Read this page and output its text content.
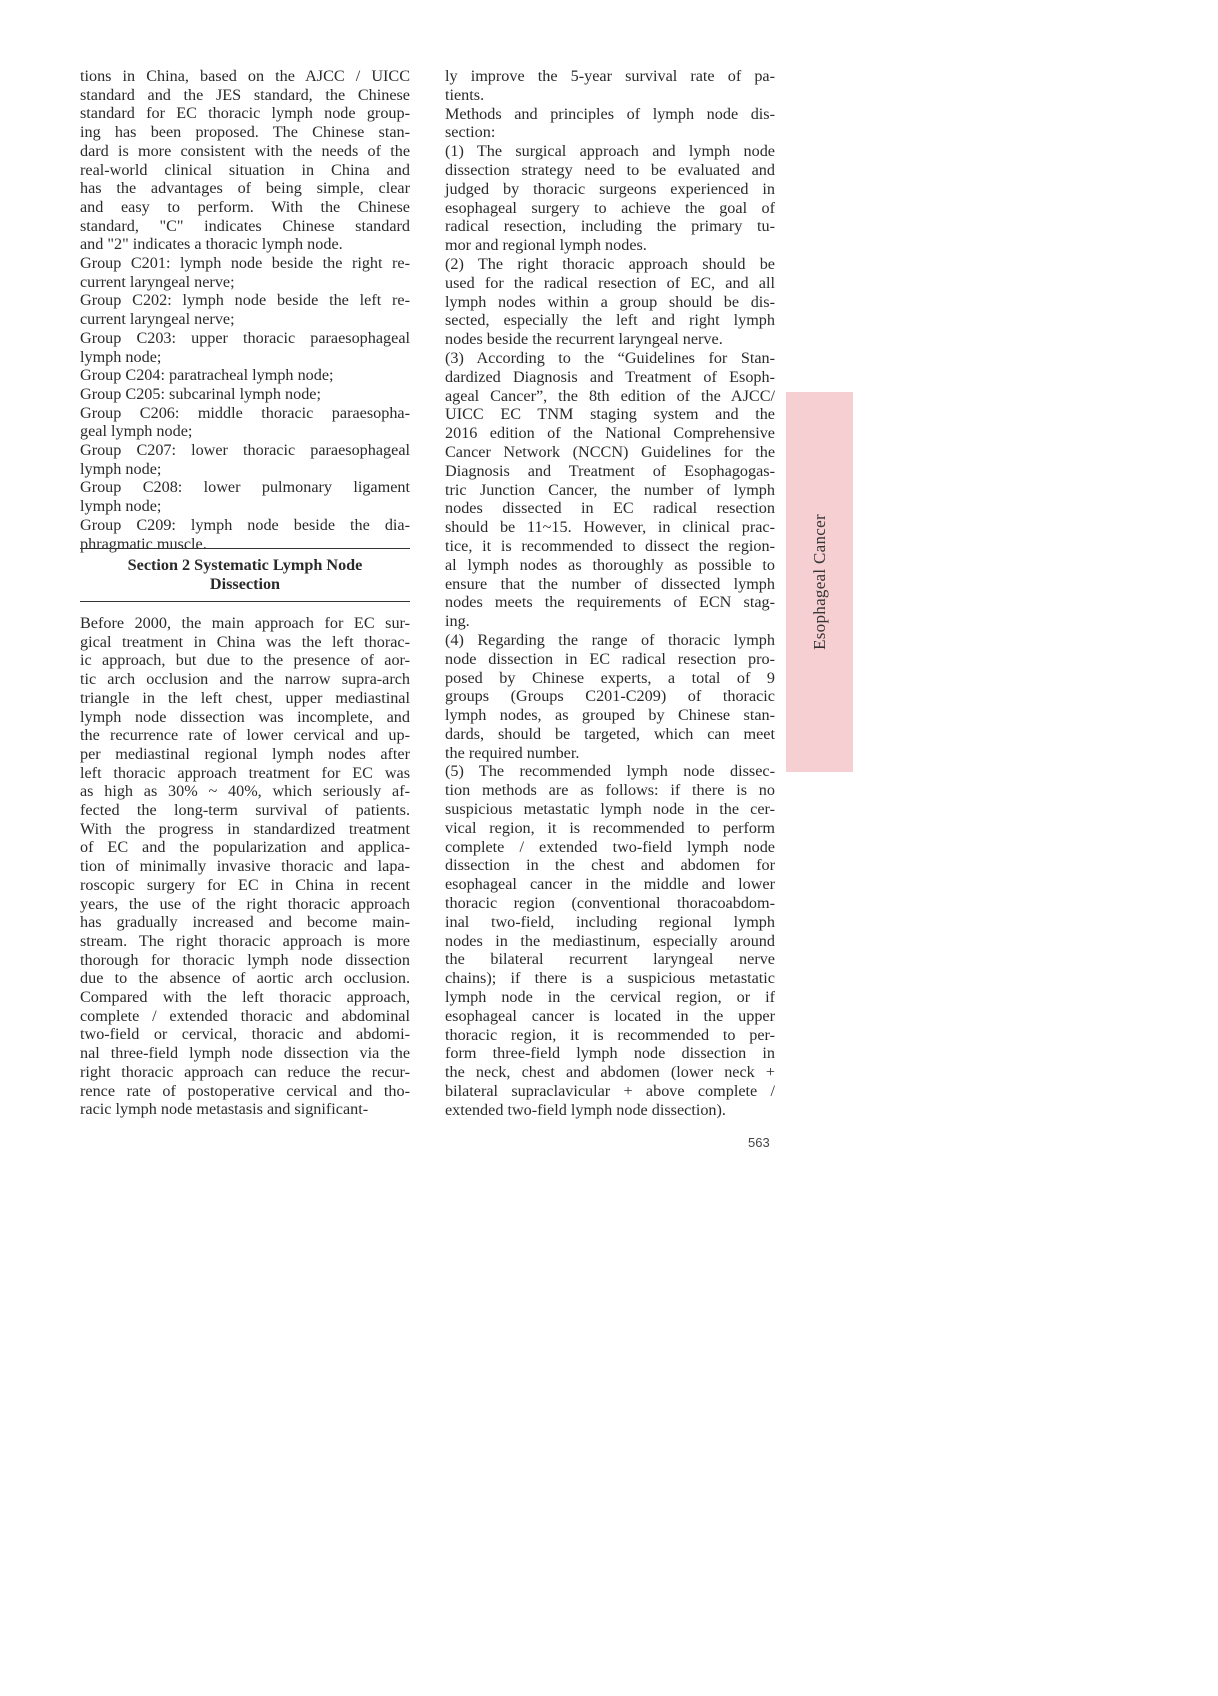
tions in China, based on the AJCC / UICC
standard and the JES standard, the Chinese
standard for EC thoracic lymph node group-
ing has been proposed. The Chinese stan-
dard is more consistent with the needs of the
real-world clinical situation in China and
has the advantages of being simple, clear
and easy to perform. With the Chinese
standard, "C" indicates Chinese standard
and "2" indicates a thoracic lymph node.
Group C201: lymph node beside the right re-
current laryngeal nerve;
Group C202: lymph node beside the left re-
current laryngeal nerve;
Group C203: upper thoracic paraesophageal
lymph node;
Group C204: paratracheal lymph node;
Group C205: subcarinal lymph node;
Group C206: middle thoracic paraesopha-
geal lymph node;
Group C207: lower thoracic paraesophageal
lymph node;
Group C208: lower pulmonary ligament
lymph node;
Group C209: lymph node beside the dia-
phragmatic muscle.
Section 2 Systematic Lymph Node
Dissection
Before 2000, the main approach for EC sur-
gical treatment in China was the left thorac-
ic approach, but due to the presence of aor-
tic arch occlusion and the narrow supra-arch
triangle in the left chest, upper mediastinal
lymph node dissection was incomplete, and
the recurrence rate of lower cervical and up-
per mediastinal regional lymph nodes after
left thoracic approach treatment for EC was
as high as 30% ~ 40%, which seriously af-
fected the long-term survival of patients.
With the progress in standardized treatment
of EC and the popularization and applica-
tion of minimally invasive thoracic and lapa-
roscopic surgery for EC in China in recent
years, the use of the right thoracic approach
has gradually increased and become main-
stream. The right thoracic approach is more
thorough for thoracic lymph node dissection
due to the absence of aortic arch occlusion.
Compared with the left thoracic approach,
complete / extended thoracic and abdominal
two-field or cervical, thoracic and abdomi-
nal three-field lymph node dissection via the
right thoracic approach can reduce the recur-
rence rate of postoperative cervical and tho-
racic lymph node metastasis and significant-
ly improve the 5-year survival rate of pa-
tients.
Methods and principles of lymph node dis-
section:
(1) The surgical approach and lymph node
dissection strategy need to be evaluated and
judged by thoracic surgeons experienced in
esophageal surgery to achieve the goal of
radical resection, including the primary tu-
mor and regional lymph nodes.
(2) The right thoracic approach should be
used for the radical resection of EC, and all
lymph nodes within a group should be dis-
sected, especially the left and right lymph
nodes beside the recurrent laryngeal nerve.
(3) According to the “Guidelines for Stan-
dardized Diagnosis and Treatment of Esoph-
ageal Cancer”, the 8th edition of the AJCC/
UICC EC TNM staging system and the
2016 edition of the National Comprehensive
Cancer Network (NCCN) Guidelines for the
Diagnosis and Treatment of Esophagogas-
tric Junction Cancer, the number of lymph
nodes dissected in EC radical resection
should be 11~15. However, in clinical prac-
tice, it is recommended to dissect the region-
al lymph nodes as thoroughly as possible to
ensure that the number of dissected lymph
nodes meets the requirements of ECN stag-
ing.
(4) Regarding the range of thoracic lymph
node dissection in EC radical resection pro-
posed by Chinese experts, a total of 9
groups (Groups C201-C209) of thoracic
lymph nodes, as grouped by Chinese stan-
dards, should be targeted, which can meet
the required number.
(5) The recommended lymph node dissec-
tion methods are as follows: if there is no
suspicious metastatic lymph node in the cer-
vical region, it is recommended to perform
complete / extended two-field lymph node
dissection in the chest and abdomen for
esophageal cancer in the middle and lower
thoracic region (conventional thoracoabdom-
inal two-field, including regional lymph
nodes in the mediastinum, especially around
the bilateral recurrent laryngeal nerve
chains); if there is a suspicious metastatic
lymph node in the cervical region, or if
esophageal cancer is located in the upper
thoracic region, it is recommended to per-
form three-field lymph node dissection in
the neck, chest and abdomen (lower neck +
bilateral supraclavicular + above complete /
extended two-field lymph node dissection).
Esophageal Cancer
563
